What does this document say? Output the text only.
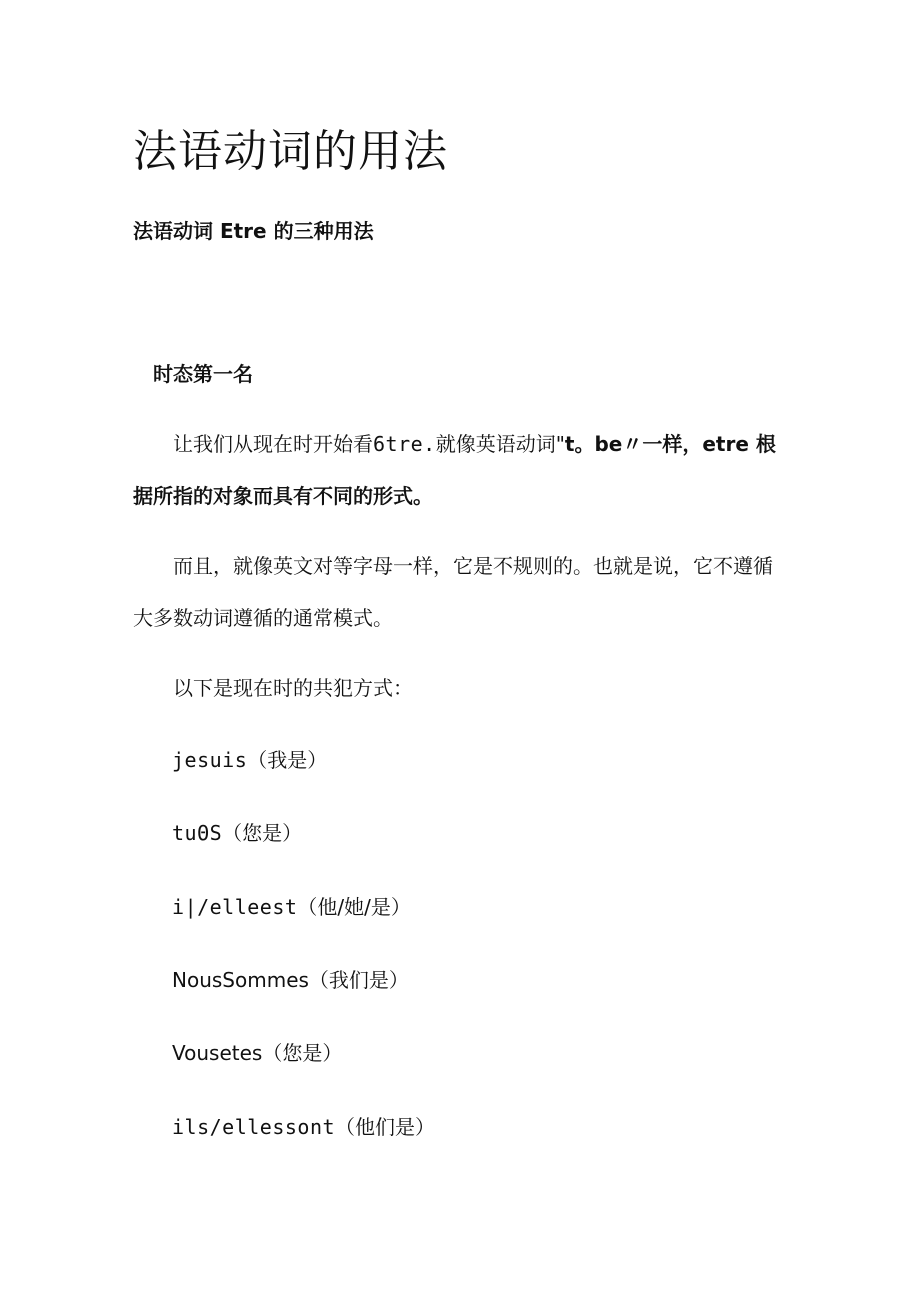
法语动词的用法
法语动词 Etre 的三种用法
时态第一名

让我们从现在时开始看6tre.就像英语动词"t。be〃一样，etre 根据所指的对象而具有不同的形式。

而且，就像英文对等字母一样，它是不规则的。也就是说，它不遵循大多数动词遵循的通常模式。

以下是现在时的共犯方式：

jesuis（我是）

tuΘS（您是）

i∣/elleest（他/她/是）

NousSommes（我们是）

Vousetes（您是）

ils/ellessont（他们是）
